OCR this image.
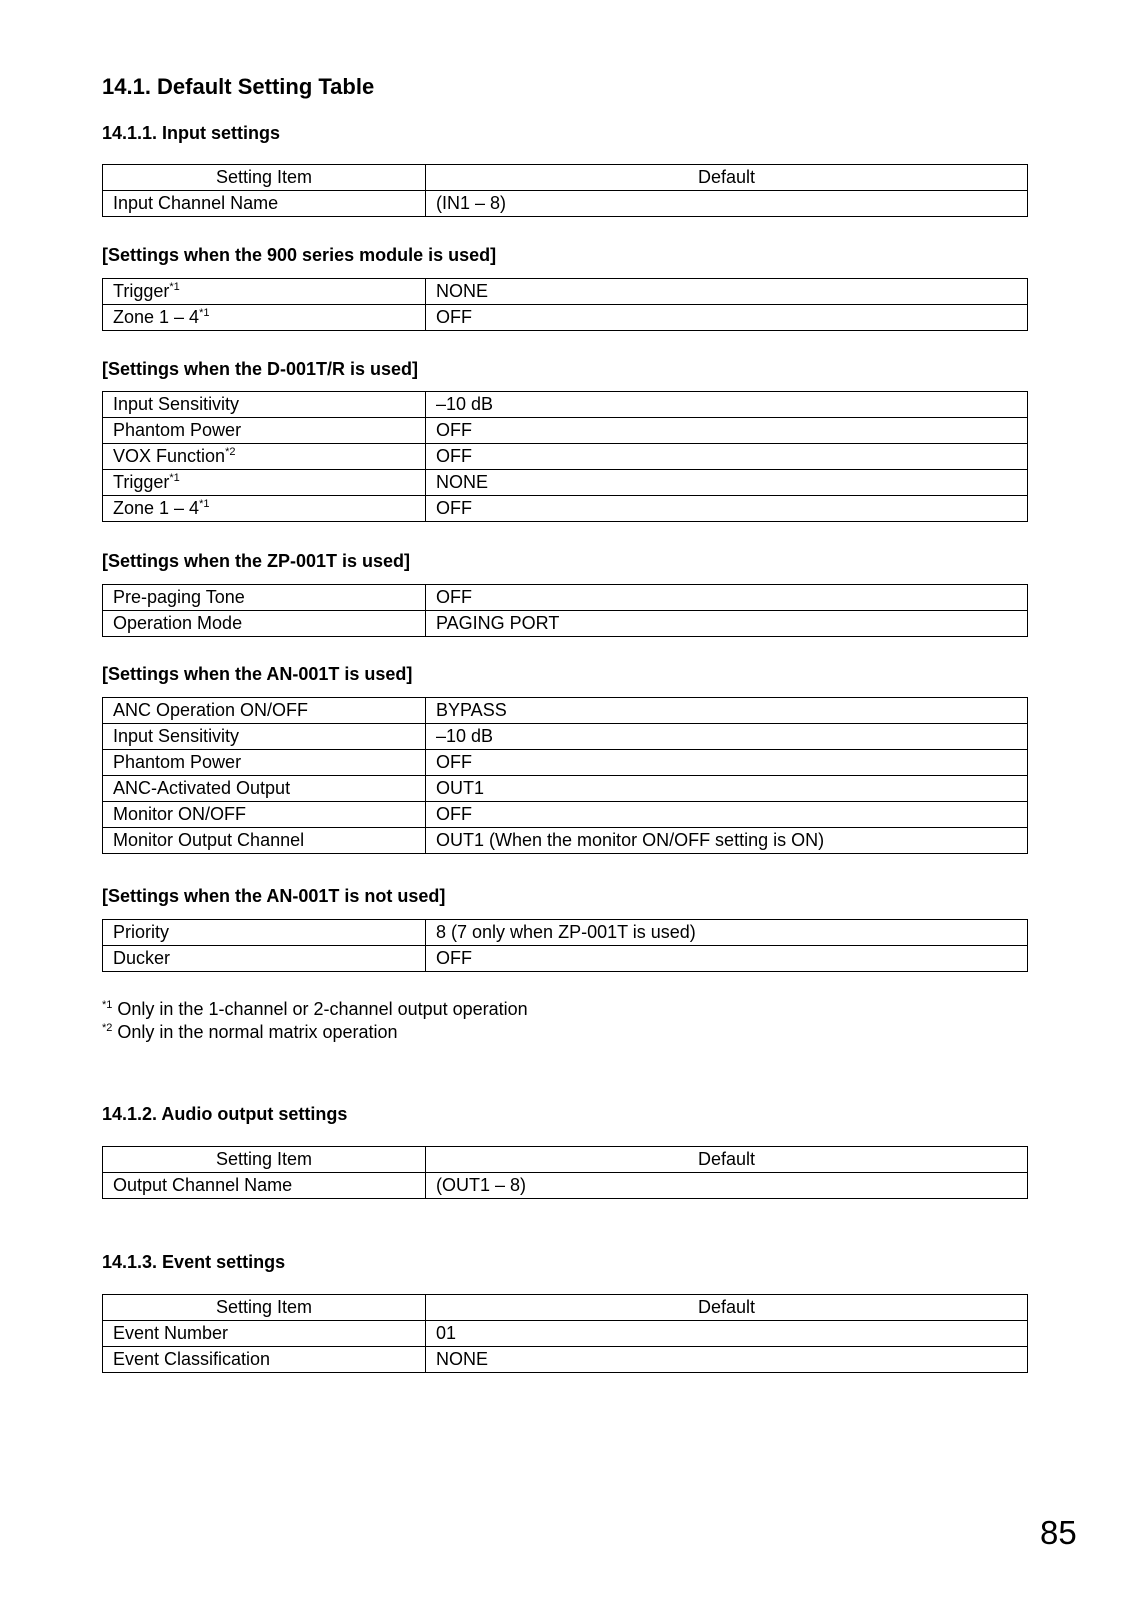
14.1. Default Setting Table

14.1.1. Input settings

Setting Item	Default
Input Channel Name	(IN1 – 8)

[Settings when the 900 series module is used]

Trigger$^{*1}$	NONE
Zone 1 – 4$^{*1}$	OFF

[Settings when the D-001T/R is used]

Input Sensitivity	–10 dB
Phantom Power	OFF
VOX Function$^{*2}$	OFF
Trigger$^{*1}$	NONE
Zone 1 – 4$^{*1}$	OFF

[Settings when the ZP-001T is used]

Pre-paging Tone	OFF
Operation Mode	PAGING PORT

[Settings when the AN-001T is used]

ANC Operation ON/OFF	BYPASS
Input Sensitivity	–10 dB
Phantom Power	OFF
ANC-Activated Output	OUT1
Monitor ON/OFF	OFF
Monitor Output Channel	OUT1 (When the monitor ON/OFF setting is ON)

[Settings when the AN-001T is not used]

Priority	8 (7 only when ZP-001T is used)
Ducker	OFF

$^{*1}$ Only in the 1-channel or 2-channel output operation

$^{*2}$ Only in the normal matrix operation

14.1.2. Audio output settings

Setting Item	Default
Output Channel Name	(OUT1 – 8)

14.1.3. Event settings

Setting Item	Default
Event Number	01
Event Classification	NONE

85
